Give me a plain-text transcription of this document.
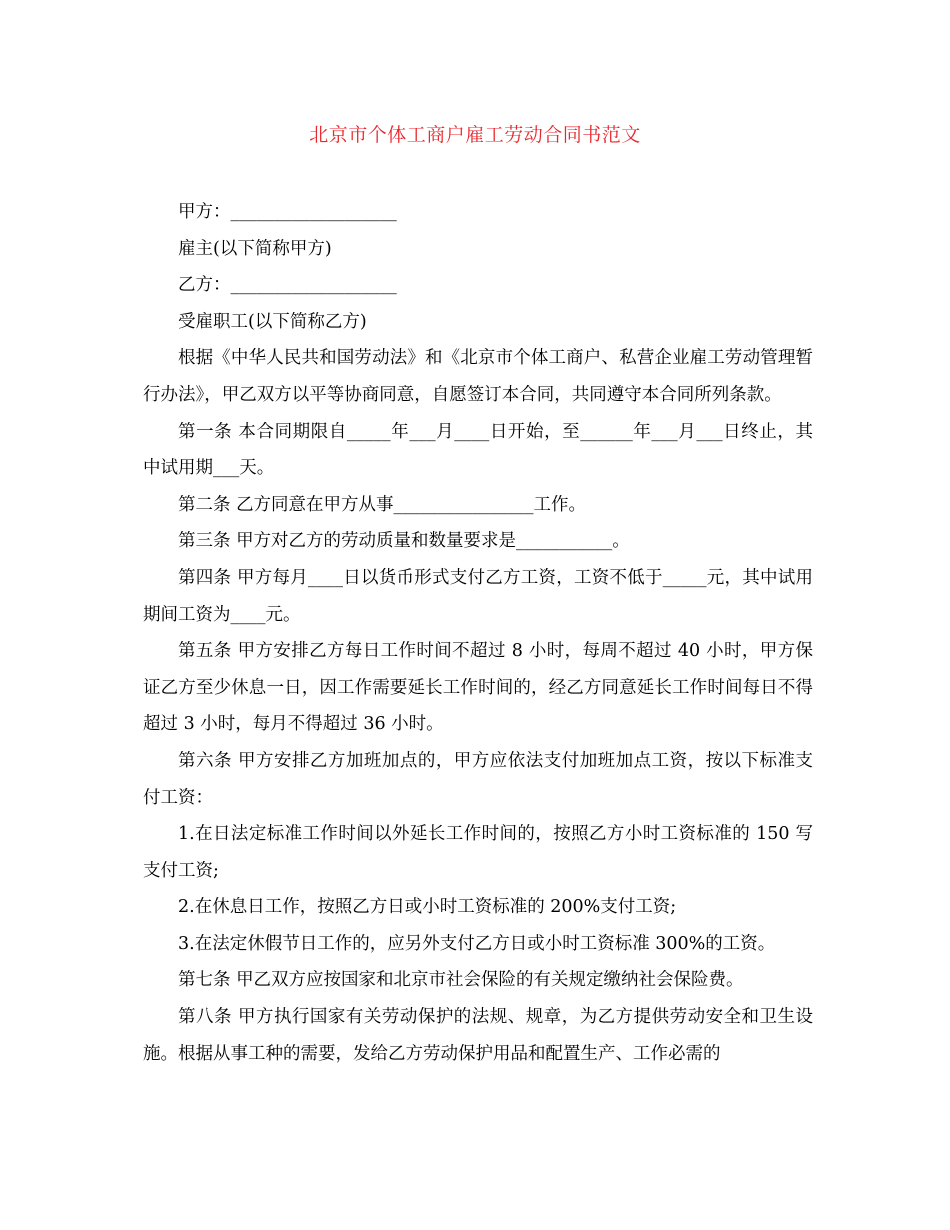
北京市个体工商户雇工劳动合同书范文

甲方：___________________

雇主(以下简称甲方)

乙方：___________________

受雇职工(以下简称乙方)

根据《中华人民共和国劳动法》和《北京市个体工商户、私营企业雇工劳动管理暂行办法》，甲乙双方以平等协商同意，自愿签订本合同，共同遵守本合同所列条款。

第一条 本合同期限自_____年___月____日开始，至______年___月___日终止，其中试用期___天。

第二条 乙方同意在甲方从事________________工作。

第三条 甲方对乙方的劳动质量和数量要求是___________。

第四条 甲方每月____日以货币形式支付乙方工资，工资不低于_____元，其中试用期间工资为____元。

第五条 甲方安排乙方每日工作时间不超过 8 小时，每周不超过 40 小时，甲方保证乙方至少休息一日，因工作需要延长工作时间的，经乙方同意延长工作时间每日不得超过 3 小时，每月不得超过 36 小时。

第六条 甲方安排乙方加班加点的，甲方应依法支付加班加点工资，按以下标准支付工资：

1.在日法定标准工作时间以外延长工作时间的，按照乙方小时工资标准的 150 写支付工资;

2.在休息日工作，按照乙方日或小时工资标准的 200%支付工资;

3.在法定休假节日工作的，应另外支付乙方日或小时工资标准 300%的工资。

第七条 甲乙双方应按国家和北京市社会保险的有关规定缴纳社会保险费。

第八条 甲方执行国家有关劳动保护的法规、规章，为乙方提供劳动安全和卫生设施。根据从事工种的需要，发给乙方劳动保护用品和配置生产、工作必需的
